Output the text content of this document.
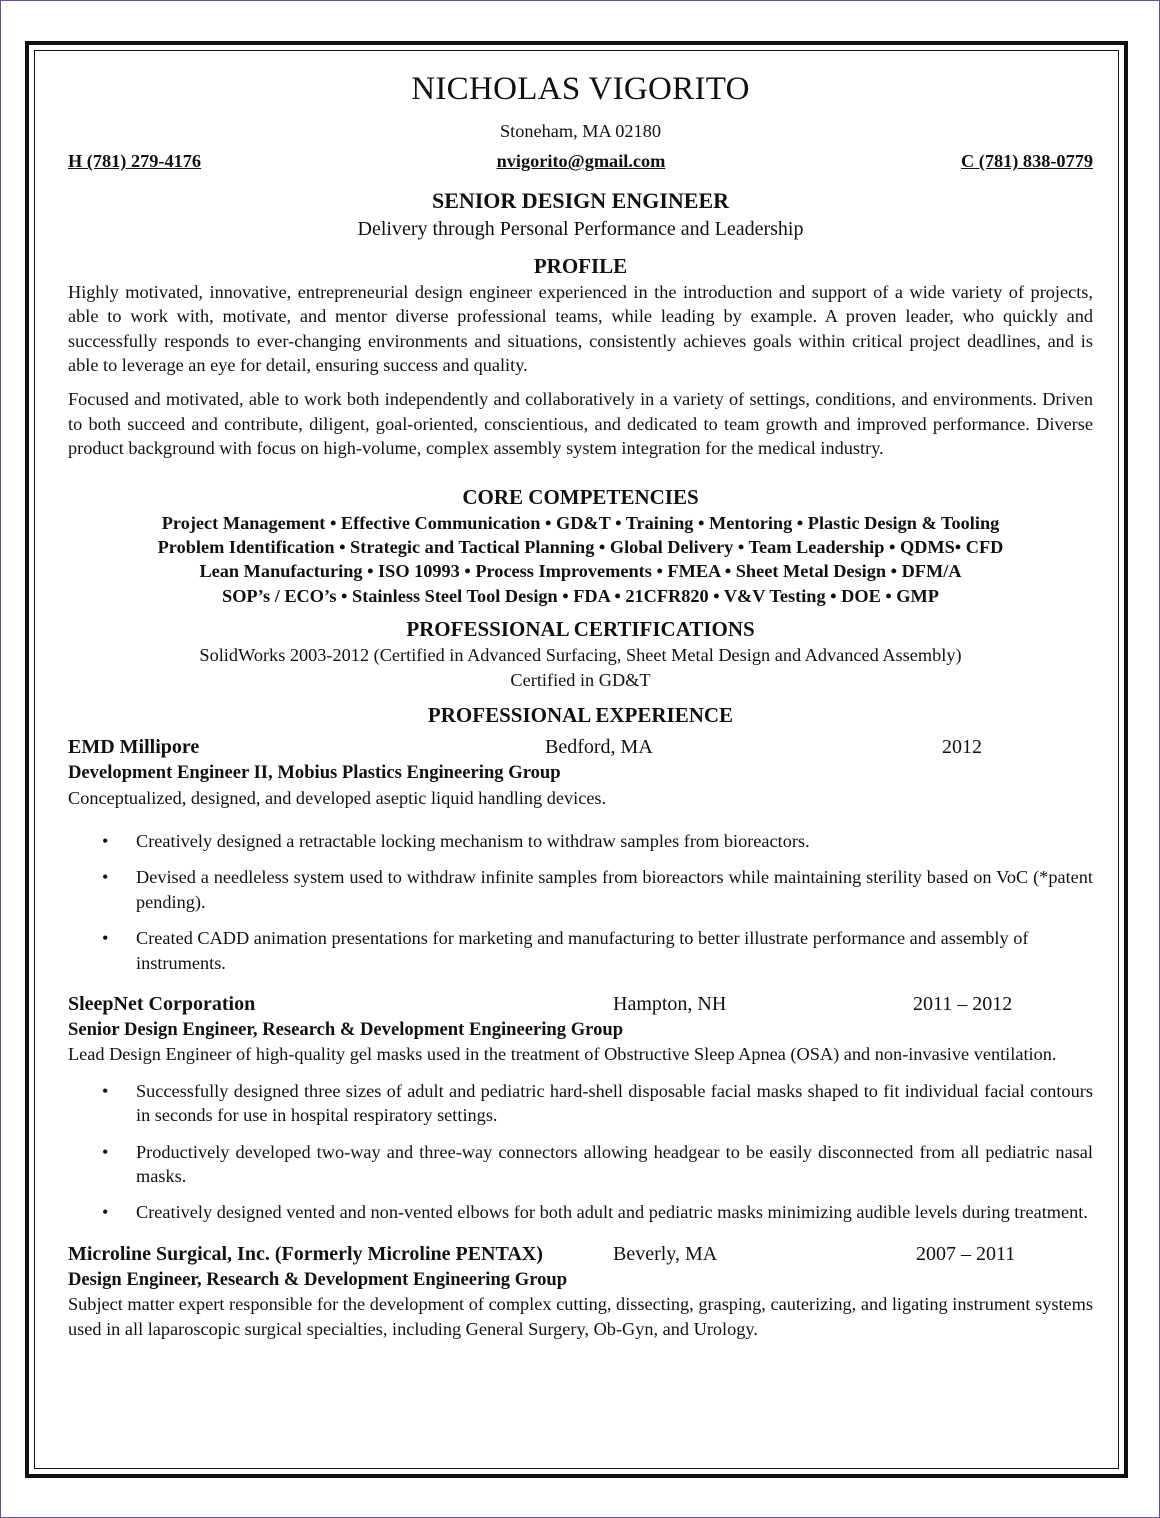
NICHOLAS VIGORITO
Stoneham, MA 02180
H (781) 279-4176	nvigorito@gmail.com	C (781) 838-0779
SENIOR DESIGN ENGINEER
Delivery through Personal Performance and Leadership
PROFILE
Highly motivated, innovative, entrepreneurial design engineer experienced in the introduction and support of a wide variety of projects, able to work with, motivate, and mentor diverse professional teams, while leading by example. A proven leader, who quickly and successfully responds to ever-changing environments and situations, consistently achieves goals within critical project deadlines, and is able to leverage an eye for detail, ensuring success and quality.
Focused and motivated, able to work both independently and collaboratively in a variety of settings, conditions, and environments. Driven to both succeed and contribute, diligent, goal-oriented, conscientious, and dedicated to team growth and improved performance. Diverse product background with focus on high-volume, complex assembly system integration for the medical industry.
CORE COMPETENCIES
Project Management • Effective Communication • GD&T • Training • Mentoring • Plastic Design & Tooling
Problem Identification • Strategic and Tactical Planning • Global Delivery • Team Leadership • QDMS• CFD
Lean Manufacturing • ISO 10993 • Process Improvements • FMEA • Sheet Metal Design • DFM/A
SOP’s / ECO’s • Stainless Steel Tool Design • FDA • 21CFR820 • V&V Testing • DOE • GMP
PROFESSIONAL CERTIFICATIONS
SolidWorks 2003-2012 (Certified in Advanced Surfacing, Sheet Metal Design and Advanced Assembly)
Certified in GD&T
PROFESSIONAL EXPERIENCE
EMD Millipore	Bedford, MA	2012
Development Engineer II, Mobius Plastics Engineering Group
Conceptualized, designed, and developed aseptic liquid handling devices.
• Creatively designed a retractable locking mechanism to withdraw samples from bioreactors.
• Devised a needleless system used to withdraw infinite samples from bioreactors while maintaining sterility based on VoC (*patent pending).
• Created CADD animation presentations for marketing and manufacturing to better illustrate performance and assembly of instruments.
SleepNet Corporation	Hampton, NH	2011 – 2012
Senior Design Engineer, Research & Development Engineering Group
Lead Design Engineer of high-quality gel masks used in the treatment of Obstructive Sleep Apnea (OSA) and non-invasive ventilation.
• Successfully designed three sizes of adult and pediatric hard-shell disposable facial masks shaped to fit individual facial contours in seconds for use in hospital respiratory settings.
• Productively developed two-way and three-way connectors allowing headgear to be easily disconnected from all pediatric nasal masks.
• Creatively designed vented and non-vented elbows for both adult and pediatric masks minimizing audible levels during treatment.
Microline Surgical, Inc. (Formerly Microline PENTAX)	Beverly, MA	2007 – 2011
Design Engineer, Research & Development Engineering Group
Subject matter expert responsible for the development of complex cutting, dissecting, grasping, cauterizing, and ligating instrument systems used in all laparoscopic surgical specialties, including General Surgery, Ob-Gyn, and Urology.
